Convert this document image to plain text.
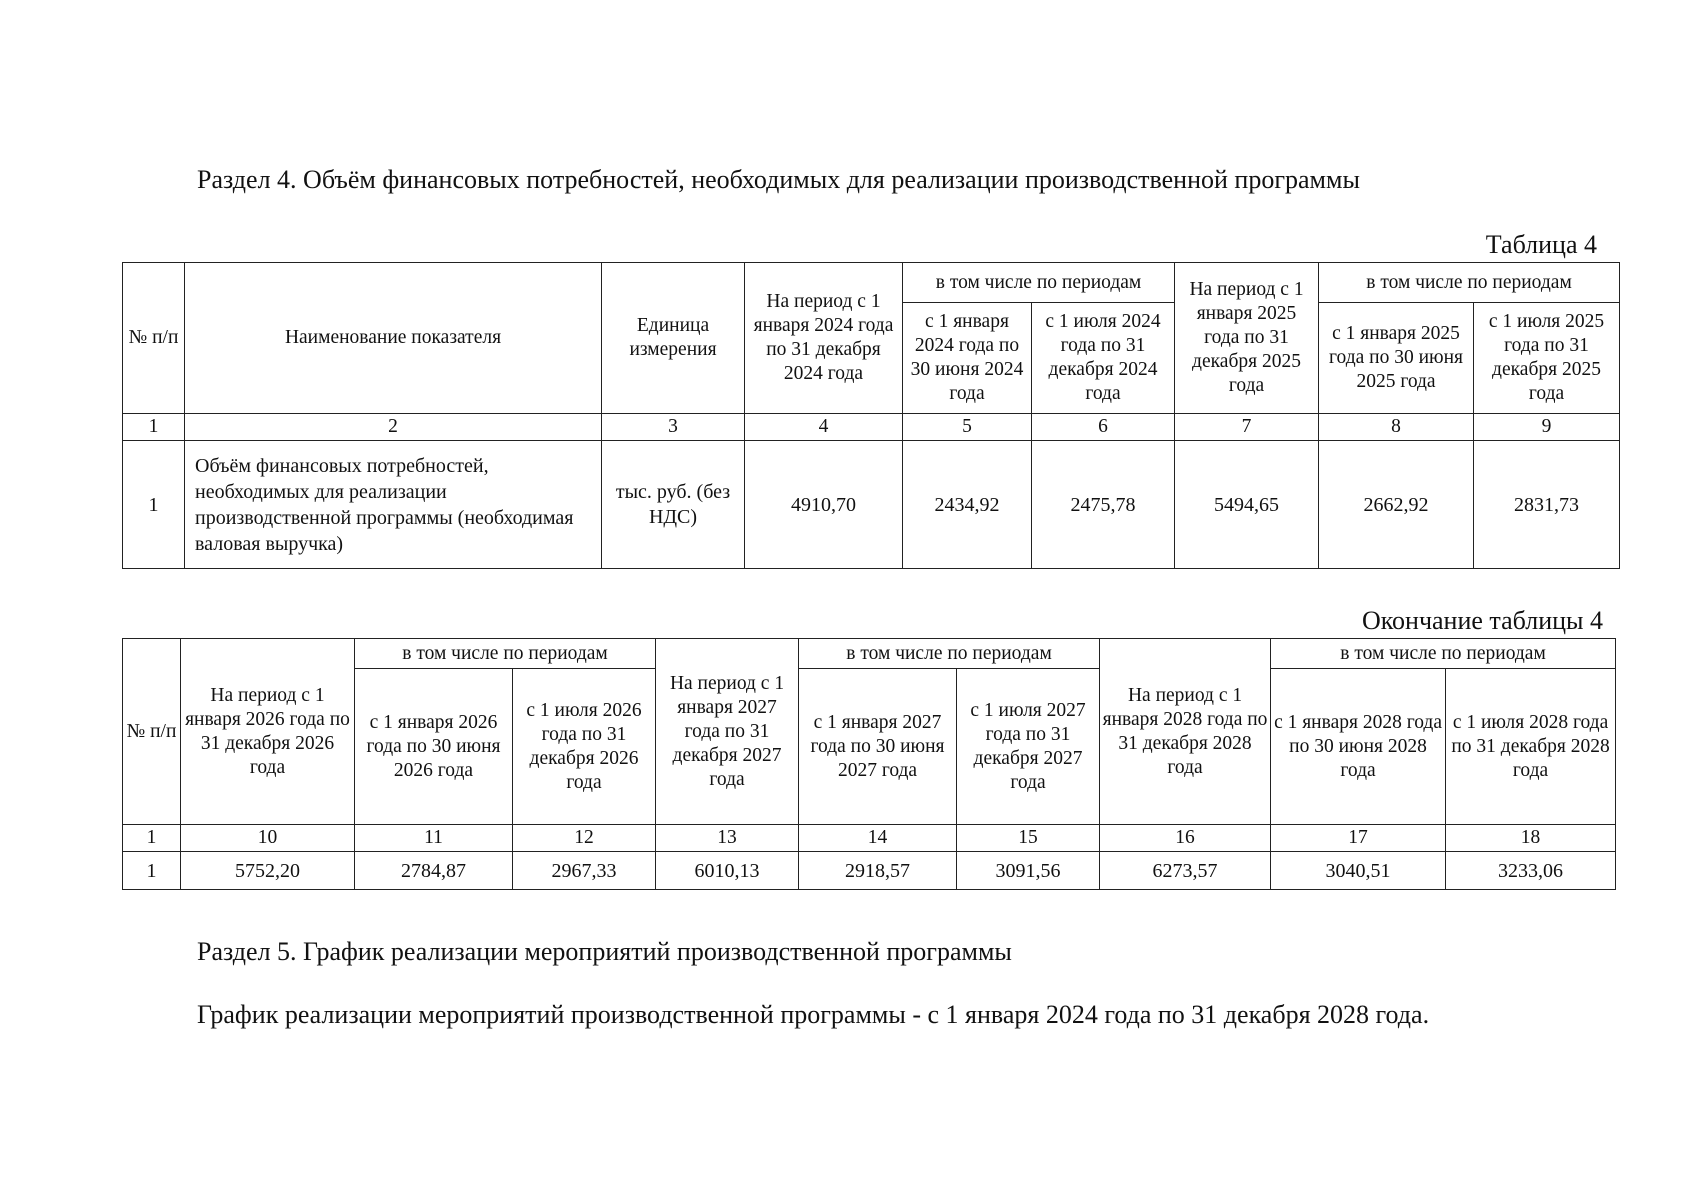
Раздел 4. Объём финансовых потребностей, необходимых для реализации производственной программы
Таблица 4
№ п/п	Наименование показателя	Единица измерения	На период с 1 января 2024 года по 31 декабря 2024 года	в том числе по периодам		На период с 1 января 2025 года по 31 декабря 2025 года	в том числе по периодам	
				с 1 января 2024 года по 30 июня 2024 года	с 1 июля 2024 года по 31 декабря 2024 года		с 1 января 2025 года по 30 июня 2025 года	с 1 июля 2025 года по 31 декабря 2025 года
1	2	3	4	5	6	7	8	9
1	Объём финансовых потребностей, необходимых для реализации производственной программы (необходимая валовая выручка)	тыс. руб. (без НДС)	4910,70	2434,92	2475,78	5494,65	2662,92	2831,73
Окончание таблицы 4
№ п/п	На период с 1 января 2026 года по 31 декабря 2026 года	в том числе по периодам		На период с 1 января 2027 года по 31 декабря 2027 года	в том числе по периодам		На период с 1 января 2028 года по 31 декабря 2028 года	в том числе по периодам	
		с 1 января 2026 года по 30 июня 2026 года	с 1 июля 2026 года по 31 декабря 2026 года		с 1 января 2027 года по 30 июня 2027 года	с 1 июля 2027 года по 31 декабря 2027 года		с 1 января 2028 года по 30 июня 2028 года	с 1 июля 2028 года по 31 декабря 2028 года
1	10	11	12	13	14	15	16	17	18
1	5752,20	2784,87	2967,33	6010,13	2918,57	3091,56	6273,57	3040,51	3233,06
Раздел 5. График реализации мероприятий производственной программы
График реализации мероприятий производственной программы - с 1 января 2024 года по 31 декабря 2028 года.
